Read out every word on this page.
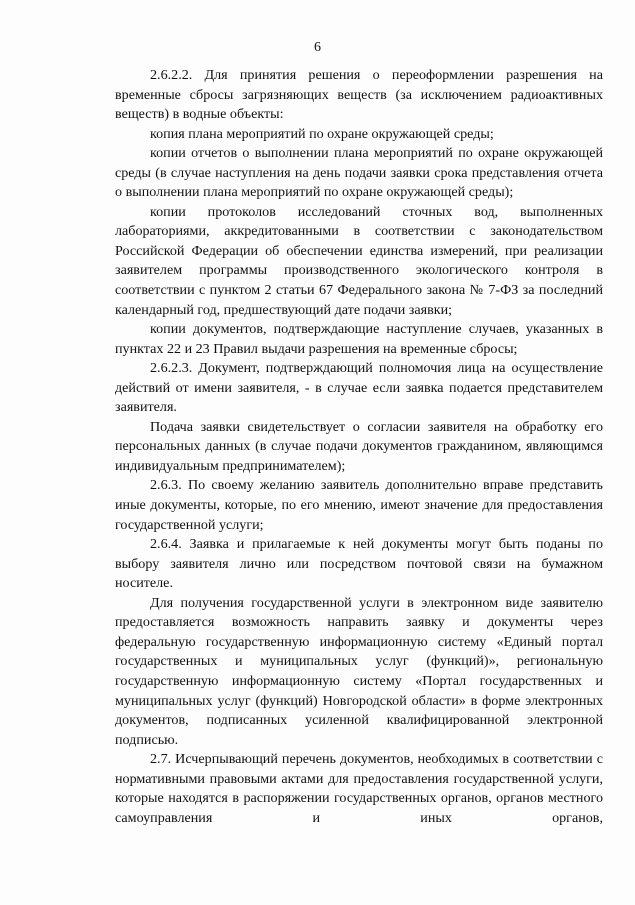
6

2.6.2.2. Для принятия решения о переоформлении разрешения на временные сбросы загрязняющих веществ (за исключением радиоактивных веществ) в водные объекты:

копия плана мероприятий по охране окружающей среды;

копии отчетов о выполнении плана мероприятий по охране окружающей среды (в случае наступления на день подачи заявки срока представления отчета о выполнении плана мероприятий по охране окружающей среды);

копии протоколов исследований сточных вод, выполненных лабораториями, аккредитованными в соответствии с законодательством Российской Федерации об обеспечении единства измерений, при реализации заявителем программы производственного экологического контроля в соответствии с пунктом 2 статьи 67 Федерального закона № 7-ФЗ за последний календарный год, предшествующий дате подачи заявки;

копии документов, подтверждающие наступление случаев, указанных в пунктах 22 и 23 Правил выдачи разрешения на временные сбросы;

2.6.2.3. Документ, подтверждающий полномочия лица на осуществление действий от имени заявителя, - в случае если заявка подается представителем заявителя.

Подача заявки свидетельствует о согласии заявителя на обработку его персональных данных (в случае подачи документов гражданином, являющимся индивидуальным предпринимателем);

2.6.3. По своему желанию заявитель дополнительно вправе представить иные документы, которые, по его мнению, имеют значение для предоставления государственной услуги;

2.6.4. Заявка и прилагаемые к ней документы могут быть поданы по выбору заявителя лично или посредством почтовой связи на бумажном носителе.

Для получения государственной услуги в электронном виде заявителю предоставляется возможность направить заявку и документы через федеральную государственную информационную систему «Единый портал государственных и муниципальных услуг (функций)», региональную государственную информационную систему «Портал государственных и муниципальных услуг (функций) Новгородской области» в форме электронных документов, подписанных усиленной квалифицированной электронной подписью.

2.7. Исчерпывающий перечень документов, необходимых в соответствии с нормативными правовыми актами для предоставления государственной услуги, которые находятся в распоряжении государственных органов, органов местного самоуправления и иных органов,
